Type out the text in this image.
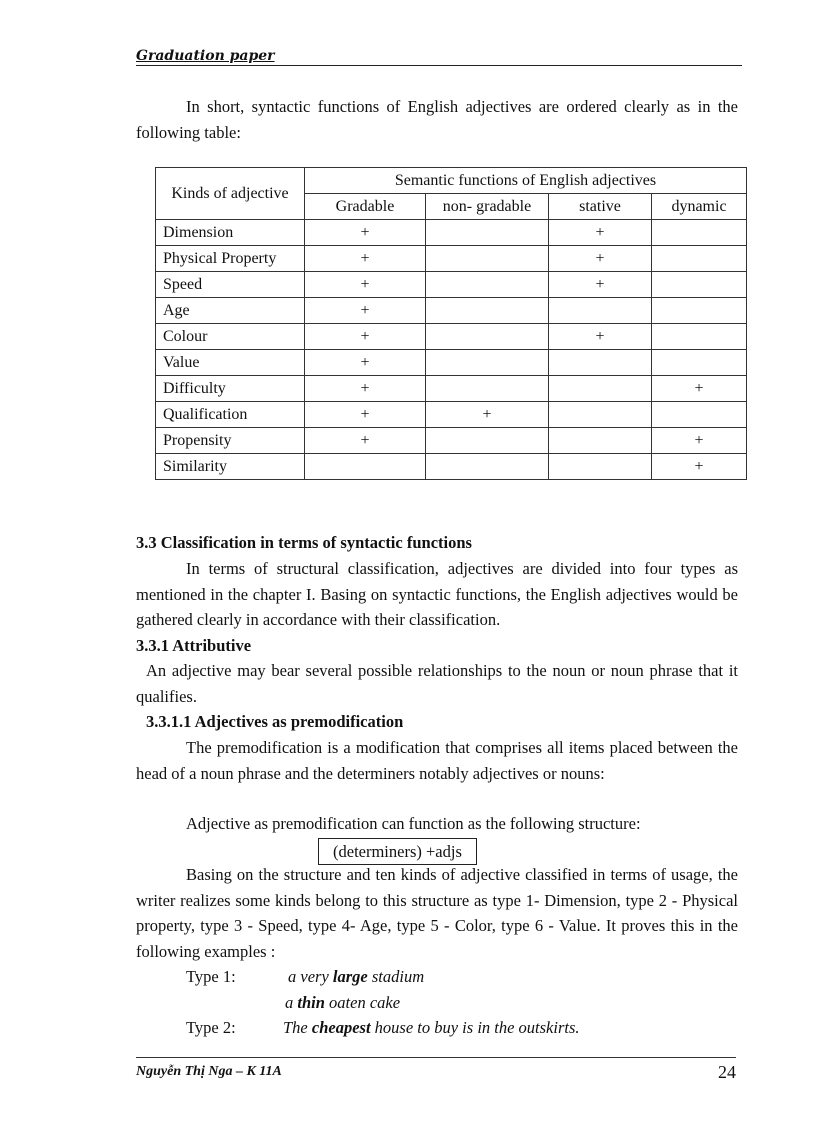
Graduation paper
In short, syntactic functions of English adjectives are ordered clearly as in the following table:
Kinds of adjective	Semantic functions of English adjectives			
	Gradable	non- gradable	stative	dynamic
Dimension	+		+	
Physical Property	+		+	
Speed	+		+	
Age	+			
Colour	+		+	
Value	+			
Difficulty	+			+
Qualification	+	+		
Propensity	+			+
Similarity				+
3.3 Classification in terms of syntactic functions
In terms of structural classification, adjectives are divided into four types as mentioned in the chapter I. Basing on syntactic functions, the English adjectives would be gathered clearly in accordance with their classification.
3.3.1 Attributive
An adjective may bear several possible relationships to the noun or noun phrase that it qualifies.
3.3.1.1 Adjectives as premodification
The premodification is a modification that comprises all items placed between the head of a noun phrase and the determiners notably adjectives or nouns:
Adjective as premodification can function as the following structure:
(determiners) +adjs
Basing on the structure and ten kinds of adjective classified in terms of usage, the writer realizes some kinds belong to this structure as type 1- Dimension, type 2 - Physical property, type 3 - Speed, type 4- Age, type 5 - Color, type 6 - Value. It proves this in the following examples :
Type 1:	a very large stadium
a thin oaten cake
Type 2:	The cheapest house to buy is in the outskirts.
Nguyễn Thị Nga – K 11A	24
